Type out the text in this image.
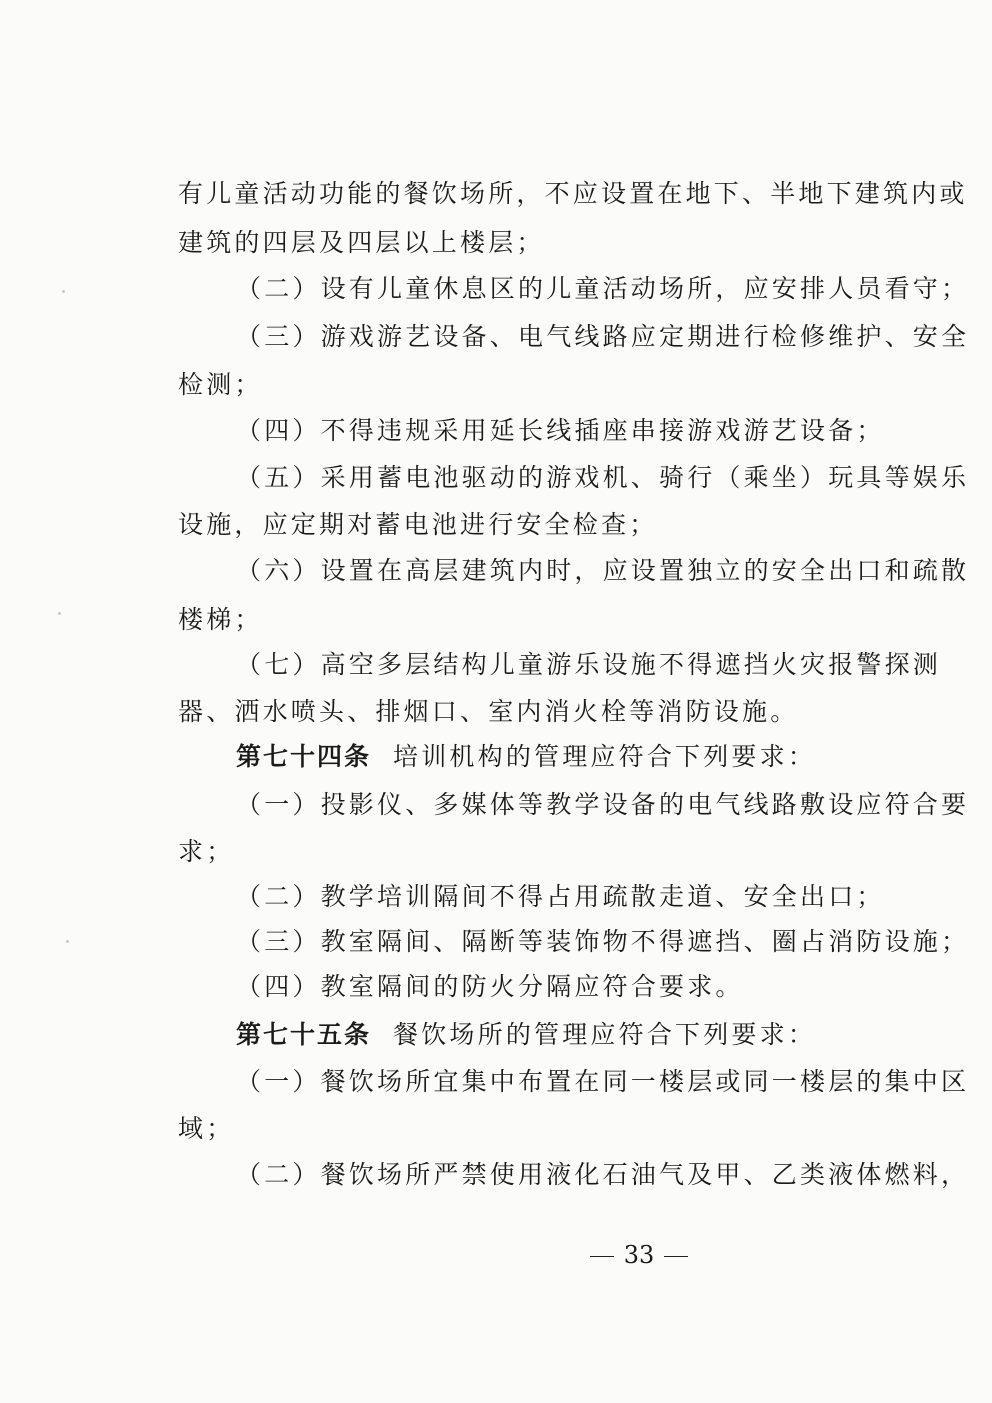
有儿童活动功能的餐饮场所，不应设置在地下、半地下建筑内或
建筑的四层及四层以上楼层；
（二）设有儿童休息区的儿童活动场所，应安排人员看守；
（三）游戏游艺设备、电气线路应定期进行检修维护、安全
检测；
（四）不得违规采用延长线插座串接游戏游艺设备；
（五）采用蓄电池驱动的游戏机、骑行（乘坐）玩具等娱乐
设施，应定期对蓄电池进行安全检查；
（六）设置在高层建筑内时，应设置独立的安全出口和疏散
楼梯；
（七）高空多层结构儿童游乐设施不得遮挡火灾报警探测
器、洒水喷头、排烟口、室内消火栓等消防设施。
第七十四条 培训机构的管理应符合下列要求：
（一）投影仪、多媒体等教学设备的电气线路敷设应符合要
求；
（二）教学培训隔间不得占用疏散走道、安全出口；
（三）教室隔间、隔断等装饰物不得遮挡、圈占消防设施；
（四）教室隔间的防火分隔应符合要求。
第七十五条 餐饮场所的管理应符合下列要求：
（一）餐饮场所宜集中布置在同一楼层或同一楼层的集中区
域；
（二）餐饮场所严禁使用液化石油气及甲、乙类液体燃料，
33
